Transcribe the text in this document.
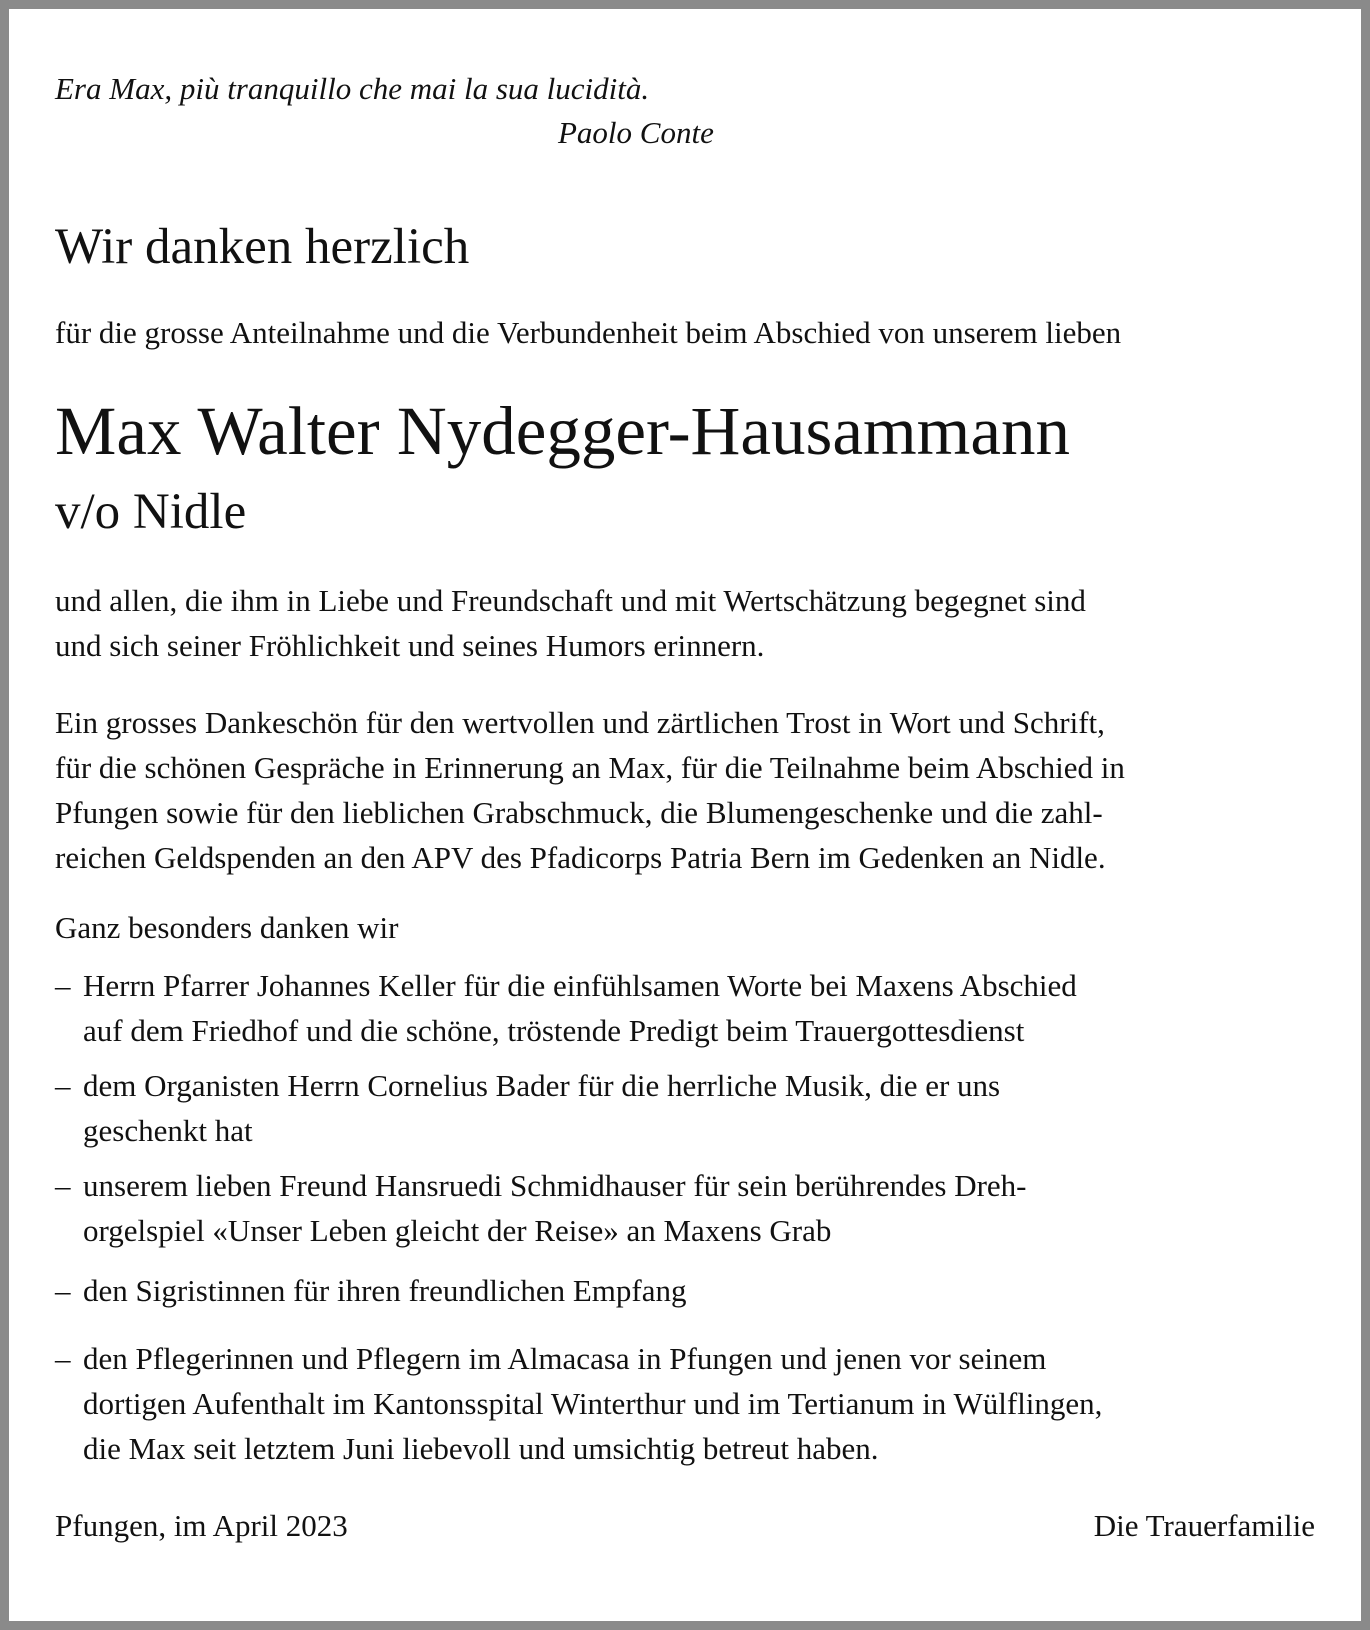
Era Max, più tranquillo che mai la sua lucidità.
Paolo Conte
Wir danken herzlich
für die grosse Anteilnahme und die Verbundenheit beim Abschied von unserem lieben
Max Walter Nydegger-Hausammann
v/o Nidle
und allen, die ihm in Liebe und Freundschaft und mit Wertschätzung begegnet sind
und sich seiner Fröhlichkeit und seines Humors erinnern.
Ein grosses Dankeschön für den wertvollen und zärtlichen Trost in Wort und Schrift,
für die schönen Gespräche in Erinnerung an Max, für die Teilnahme beim Abschied in
Pfungen sowie für den lieblichen Grabschmuck, die Blumengeschenke und die zahl-
reichen Geldspenden an den APV des Pfadicorps Patria Bern im Gedenken an Nidle.
Ganz besonders danken wir
– Herrn Pfarrer Johannes Keller für die einfühlsamen Worte bei Maxens Abschied
auf dem Friedhof und die schöne, tröstende Predigt beim Trauergottesdienst
– dem Organisten Herrn Cornelius Bader für die herrliche Musik, die er uns
geschenkt hat
– unserem lieben Freund Hansruedi Schmidhauser für sein berührendes Dreh-
orgelspiel «Unser Leben gleicht der Reise» an Maxens Grab
– den Sigristinnen für ihren freundlichen Empfang
– den Pflegerinnen und Pflegern im Almacasa in Pfungen und jenen vor seinem
dortigen Aufenthalt im Kantonsspital Winterthur und im Tertianum in Wülflingen,
die Max seit letztem Juni liebevoll und umsichtig betreut haben.
Pfungen, im April 2023	Die Trauerfamilie
